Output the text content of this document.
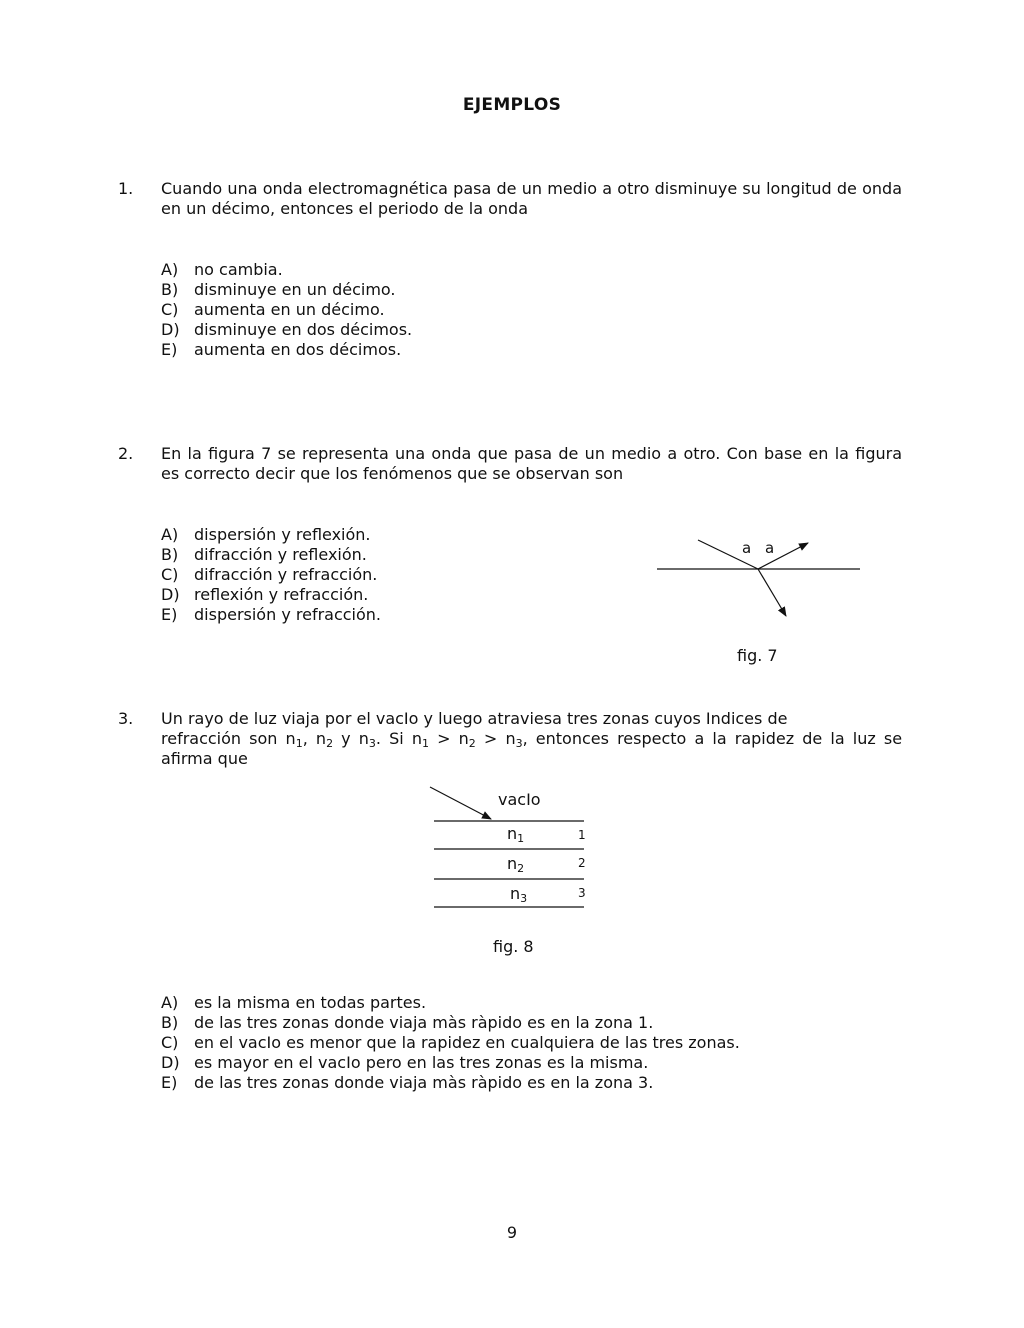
EJEMPLOS
1. Cuando una onda electromagnética pasa de un medio a otro disminuye su longitud de onda en un décimo, entonces el periodo de la onda
A) no cambia.
B) disminuye en un décimo.
C) aumenta en un décimo.
D) disminuye en dos décimos.
E)	aumenta en dos décimos.
2. En la figura 7 se representa una onda que pasa de un medio a otro. Con base en la figura es correcto decir que los fenómenos que se observan son
A) dispersión y reflexión.
B) difracción y reflexión.
C) difracción y refracción.
D) reflexión y refracción.
E)	dispersión y refracción.
a a
fig. 7
3. Un rayo de luz viaja por el vacIo y luego atraviesa tres zonas cuyos Indices de
refracción son $n_1$, $n_2$ y $n_3$. Si $n_1 > n_2 > n_3$, entonces respecto a la rapidez de la luz se
afirma que
vacIo
$n_1$	1
$n_2$	2
$n_3$	3
fig. 8
A) es la misma en todas partes.
B) de las tres zonas donde viaja màs ràpido es en la zona 1.
C) en el vacIo es menor que la rapidez en cualquiera de las tres zonas.
D) es mayor en el vacIo pero en las tres zonas es la misma.
E)	de las tres zonas donde viaja màs ràpido es en la zona 3.
9
